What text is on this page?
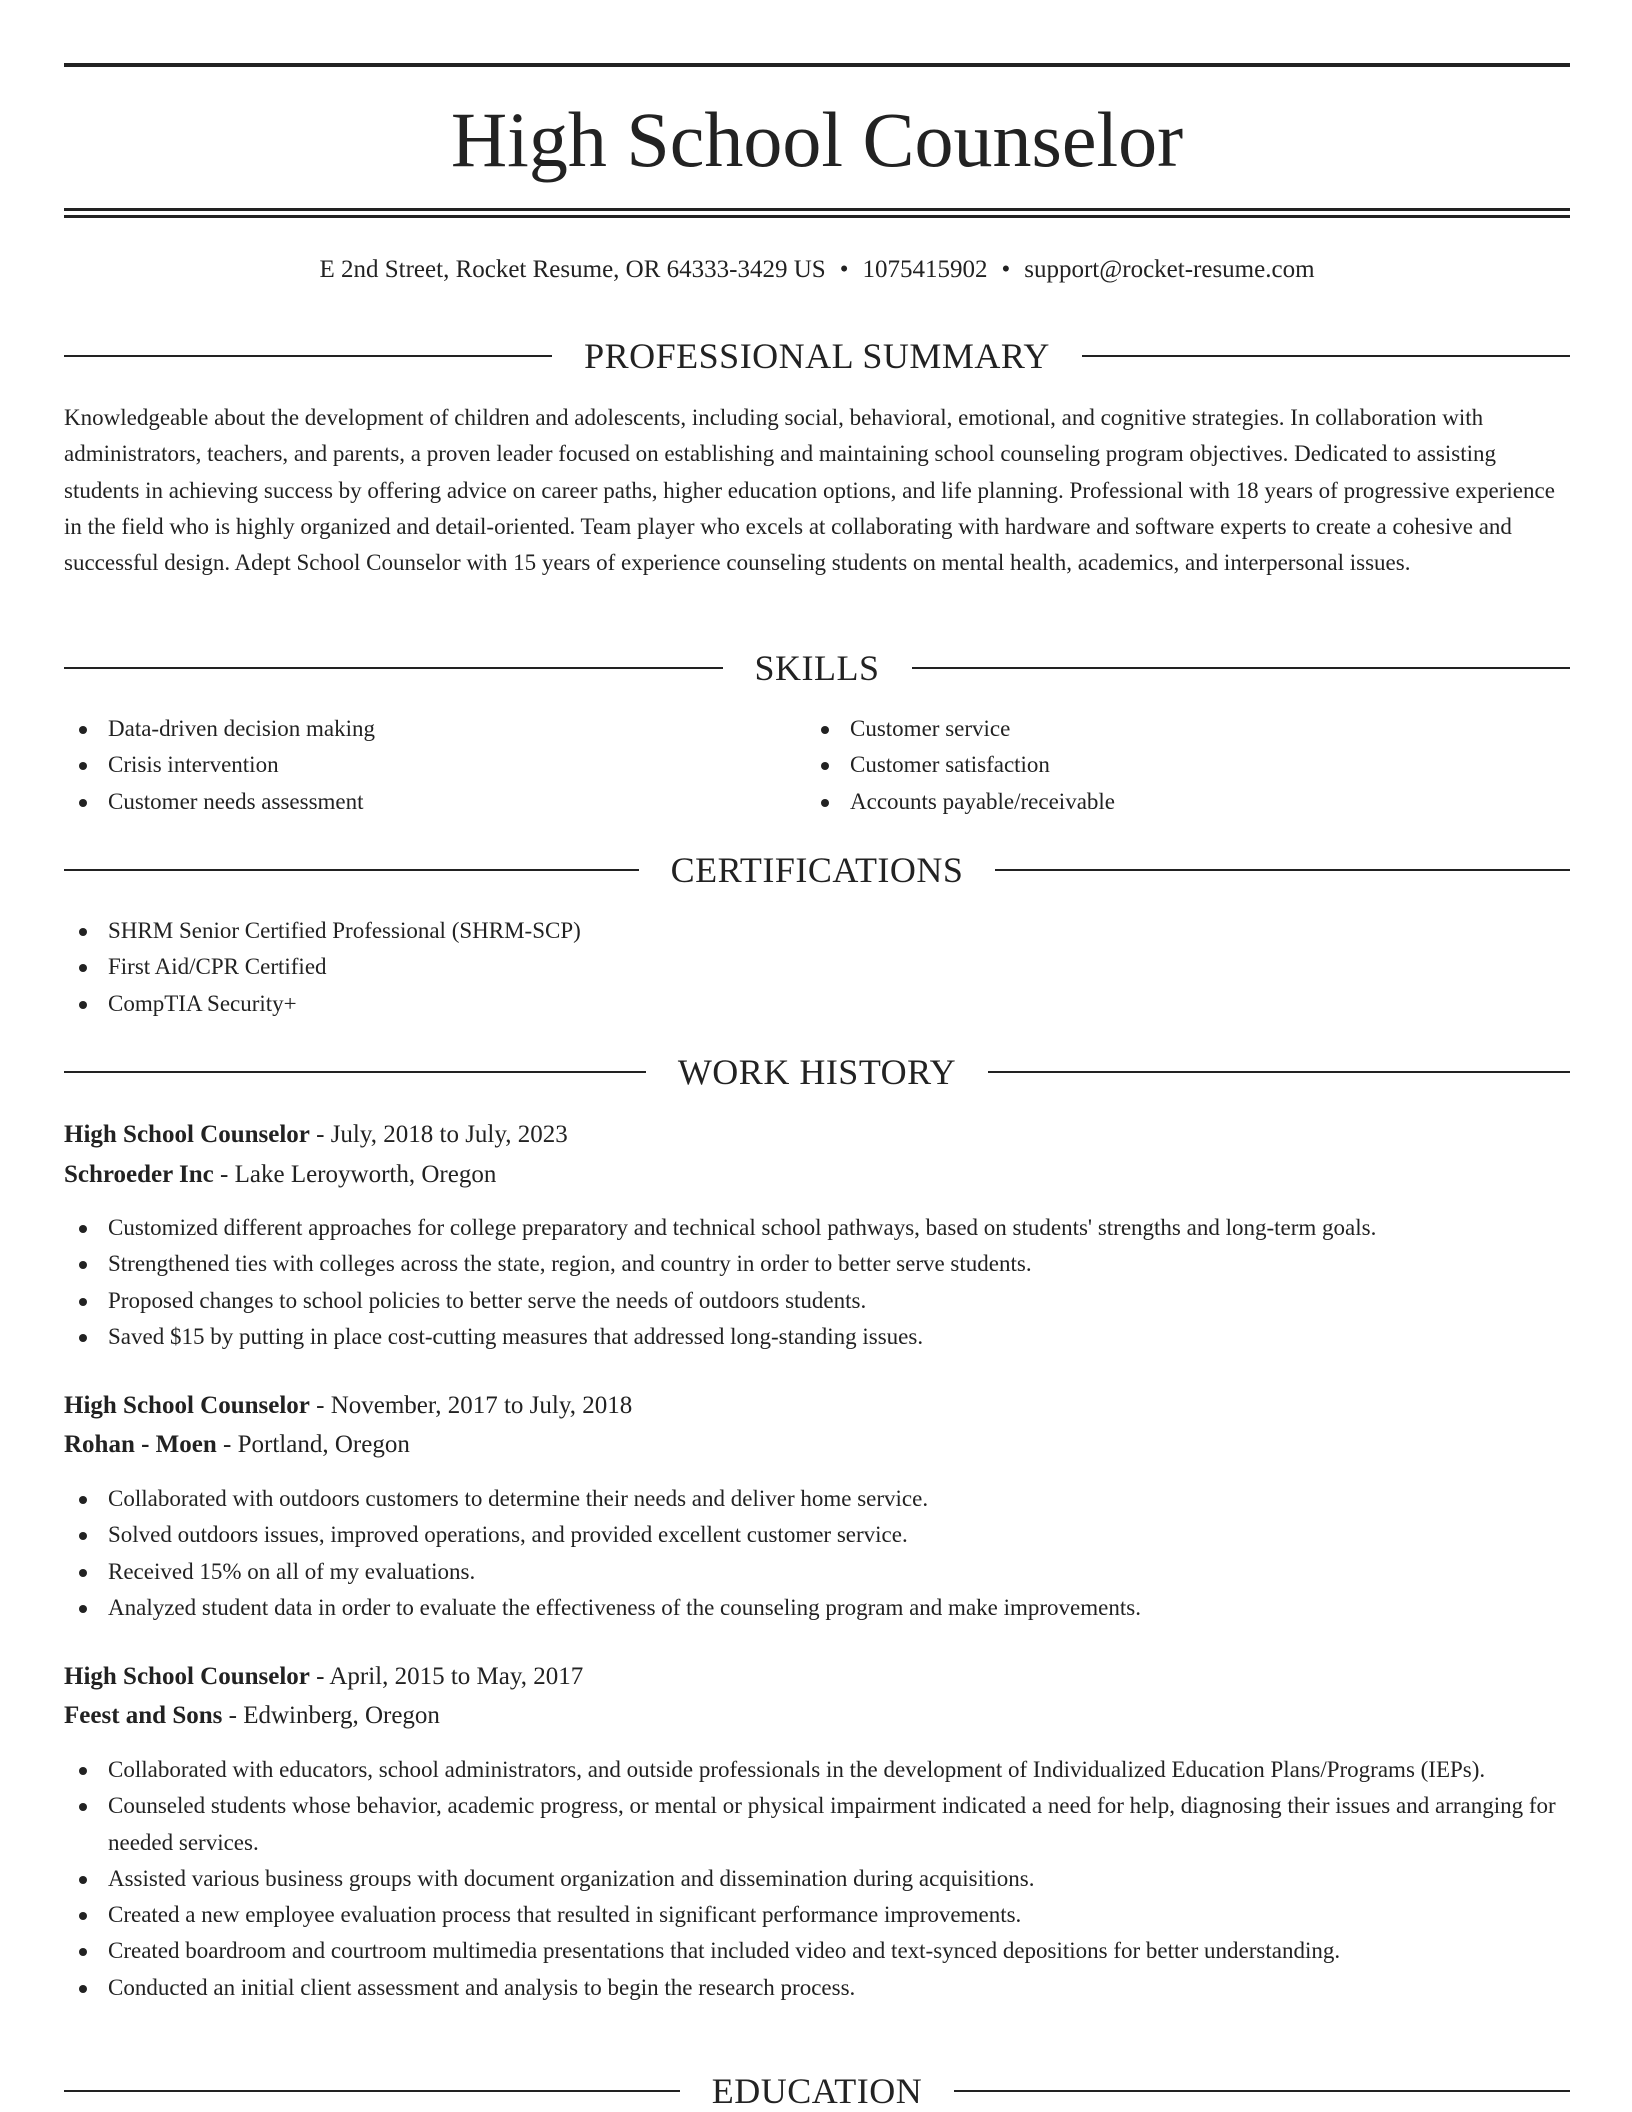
High School Counselor
E 2nd Street, Rocket Resume, OR 64333-3429 US • 1075415902 • support@rocket-resume.com
PROFESSIONAL SUMMARY
Knowledgeable about the development of children and adolescents, including social, behavioral, emotional, and cognitive strategies. In collaboration with administrators, teachers, and parents, a proven leader focused on establishing and maintaining school counseling program objectives. Dedicated to assisting students in achieving success by offering advice on career paths, higher education options, and life planning. Professional with 18 years of progressive experience in the field who is highly organized and detail-oriented. Team player who excels at collaborating with hardware and software experts to create a cohesive and successful design. Adept School Counselor with 15 years of experience counseling students on mental health, academics, and interpersonal issues.
SKILLS
Data-driven decision making
Crisis intervention
Customer needs assessment
Customer service
Customer satisfaction
Accounts payable/receivable
CERTIFICATIONS
SHRM Senior Certified Professional (SHRM-SCP)
First Aid/CPR Certified
CompTIA Security+
WORK HISTORY
High School Counselor - July, 2018 to July, 2023
Schroeder Inc - Lake Leroyworth, Oregon
Customized different approaches for college preparatory and technical school pathways, based on students' strengths and long-term goals.
Strengthened ties with colleges across the state, region, and country in order to better serve students.
Proposed changes to school policies to better serve the needs of outdoors students.
Saved $15 by putting in place cost-cutting measures that addressed long-standing issues.
High School Counselor - November, 2017 to July, 2018
Rohan - Moen - Portland, Oregon
Collaborated with outdoors customers to determine their needs and deliver home service.
Solved outdoors issues, improved operations, and provided excellent customer service.
Received 15% on all of my evaluations.
Analyzed student data in order to evaluate the effectiveness of the counseling program and make improvements.
High School Counselor - April, 2015 to May, 2017
Feest and Sons - Edwinberg, Oregon
Collaborated with educators, school administrators, and outside professionals in the development of Individualized Education Plans/Programs (IEPs).
Counseled students whose behavior, academic progress, or mental or physical impairment indicated a need for help, diagnosing their issues and arranging for needed services.
Assisted various business groups with document organization and dissemination during acquisitions.
Created a new employee evaluation process that resulted in significant performance improvements.
Created boardroom and courtroom multimedia presentations that included video and text-synced depositions for better understanding.
Conducted an initial client assessment and analysis to begin the research process.
EDUCATION
